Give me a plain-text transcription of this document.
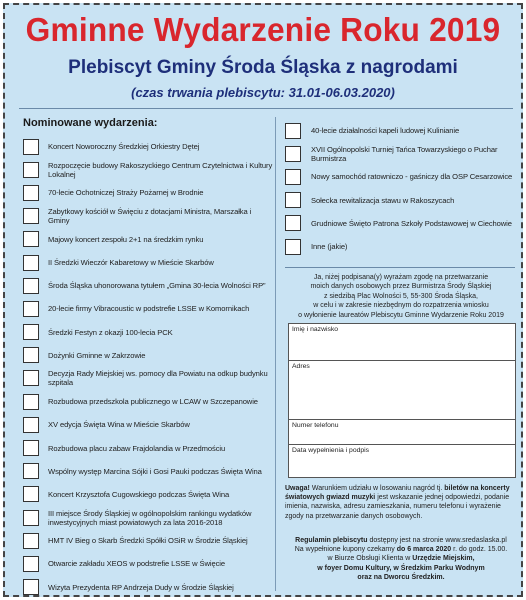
Gminne Wydarzenie Roku 2019
Plebiscyt Gminy Środa Śląska z nagrodami
(czas trwania plebiscytu: 31.01-06.03.2020)
Nominowane wydarzenia:
Koncert Noworoczny Średzkiej Orkiestry Dętej
Rozpoczęcie budowy Rakoszyckiego Centrum Czytelnictwa i Kultury Lokalnej
70-lecie Ochotniczej Straży Pożarnej w Brodnie
Zabytkowy kościół w Święciu z dotacjami Ministra, Marszałka i Gminy
Majowy koncert zespołu 2+1 na średzkim rynku
II Średzki Wieczór Kabaretowy w Mieście Skarbów
Środa Śląska uhonorowana tytułem „Gmina 30-lecia Wolności RP”
20-lecie firmy Vibracoustic w podstrefie LSSE w Komornikach
Średzki Festyn z okazji 100-lecia PCK
Dożynki Gminne w Zakrzowie
Decyzja Rady Miejskiej ws. pomocy dla Powiatu na odkup budynku szpitala
Rozbudowa przedszkola publicznego w LCAW w Szczepanowie
XV edycja Święta Wina w Mieście Skarbów
Rozbudowa placu zabaw Frajdolandia w Przedmościu
Wspólny występ Marcina Sójki i Gosi Pauki podczas Święta Wina
Koncert Krzysztofa Cugowskiego podczas Święta Wina
III miejsce Środy Śląskiej w ogólnopolskim rankingu wydatków inwestycyjnych miast powiatowych za lata 2016-2018
HMT IV Bieg o Skarb Średzki Spółki OSiR w Środzie Śląskiej
Otwarcie zakładu XEOS w podstrefie LSSE w Święcie
Wizyta Prezydenta RP Andrzeja Dudy w Środzie Śląskiej
40-lecie działalności kapeli ludowej Kulinianie
XVII Ogólnopolski Turniej Tańca Towarzyskiego o Puchar Burmistrza
Nowy samochód ratowniczo - gaśniczy dla OSP Cesarzowice
Sołecka rewitalizacja stawu w Rakoszycach
Grudniowe Święto Patrona Szkoły Podstawowej w Ciechowie
Inne (jakie)
Ja, niżej podpisana(y) wyrażam zgodę na przetwarzanie
moich danych osobowych przez Burmistrza Środy Śląskiej
z siedzibą Plac Wolności 5, 55-300 Środa Śląska,
w celu i w zakresie niezbędnym do rozpatrzenia wniosku
o wyłonienie laureatów Plebiscytu Gminne Wydarzenie Roku 2019
Imię i nazwisko
Adres
Numer telefonu
Data wypełnienia i podpis
Uwaga! Warunkiem udziału w losowaniu nagród tj. biletów na koncerty światowych gwiazd muzyki jest wskazanie jednej odpowiedzi, podanie imienia, nazwiska, adresu zamieszkania, numeru telefonu i wyrażenie zgody na przetwarzanie danych osobowych.
Regulamin plebiscytu dostępny jest na stronie www.sredaslaska.pl
Na wypełnione kupony czekamy do 6 marca 2020 r. do godz. 15.00.
w Biurze Obsługi Klienta w Urzędzie Miejskim,
w foyer Domu Kultury, w Średzkim Parku Wodnym
oraz na Dworcu Średzkim.
